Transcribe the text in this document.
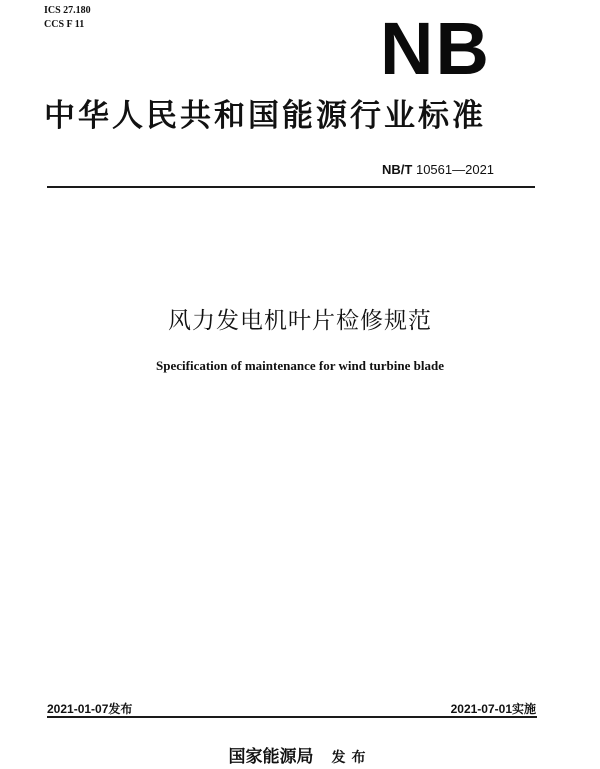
ICS 27.180
CCS F 11	NB
中华人民共和国能源行业标准
NB/T 10561—2021
风力发电机叶片检修规范
Specification of maintenance for wind turbine blade
2021-01-07发布	2021-07-01实施
国家能源局 发布
